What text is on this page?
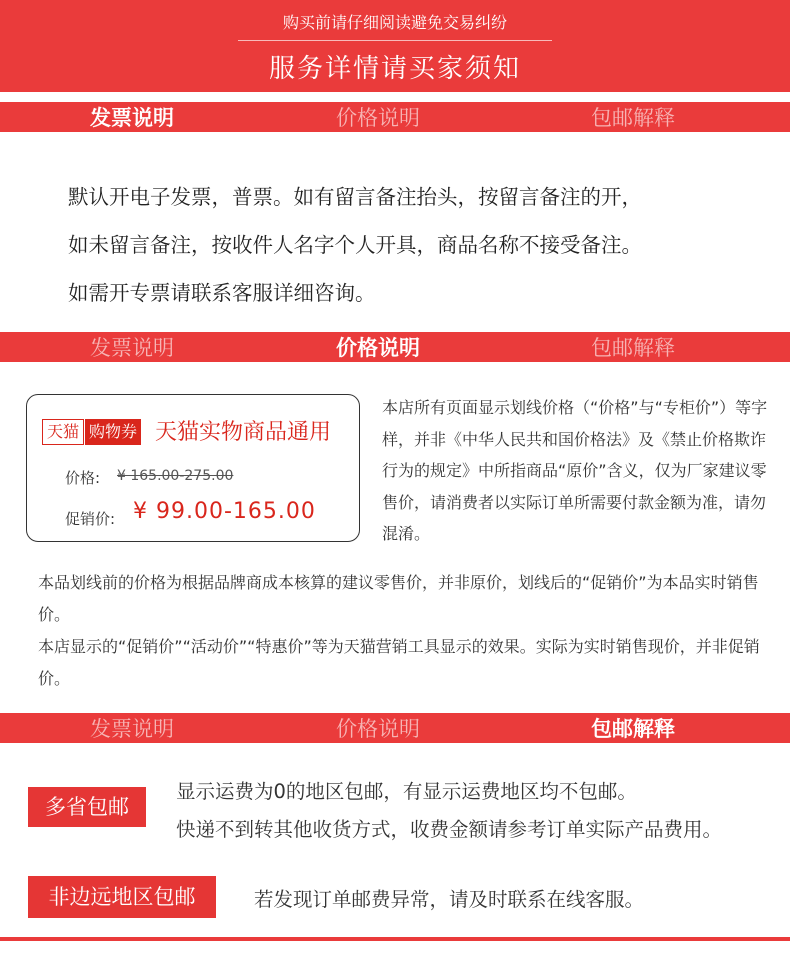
购买前请仔细阅读避免交易纠纷
服务详情请买家须知
发票说明	价格说明	包邮解释
默认开电子发票，普票。如有留言备注抬头，按留言备注的开，
如未留言备注，按收件人名字个人开具，商品名称不接受备注。
如需开专票请联系客服详细咨询。
发票说明	价格说明	包邮解释
天猫 购物券 天猫实物商品通用
价格: ¥ 165.00-275.00
促销价: ¥ 99.00-165.00
本店所有页面显示划线价格（“价格”与“专柜价”）等字样，并非《中华人民共和国价格法》及《禁止价格欺诈行为的规定》中所指商品“原价”含义，仅为厂家建议零售价，请消费者以实际订单所需要付款金额为准，请勿混淆。
本品划线前的价格为根据品牌商成本核算的建议零售价，并非原价，划线后的“促销价”为本品实时销售价。
本店显示的“促销价”“活动价”“特惠价”等为天猫营销工具显示的效果。实际为实时销售现价，并非促销价。
发票说明	价格说明	包邮解释
多省包邮
显示运费为0的地区包邮，有显示运费地区均不包邮。
快递不到转其他收货方式，收费金额请参考订单实际产品费用。
非边远地区包邮	若发现订单邮费异常，请及时联系在线客服。
